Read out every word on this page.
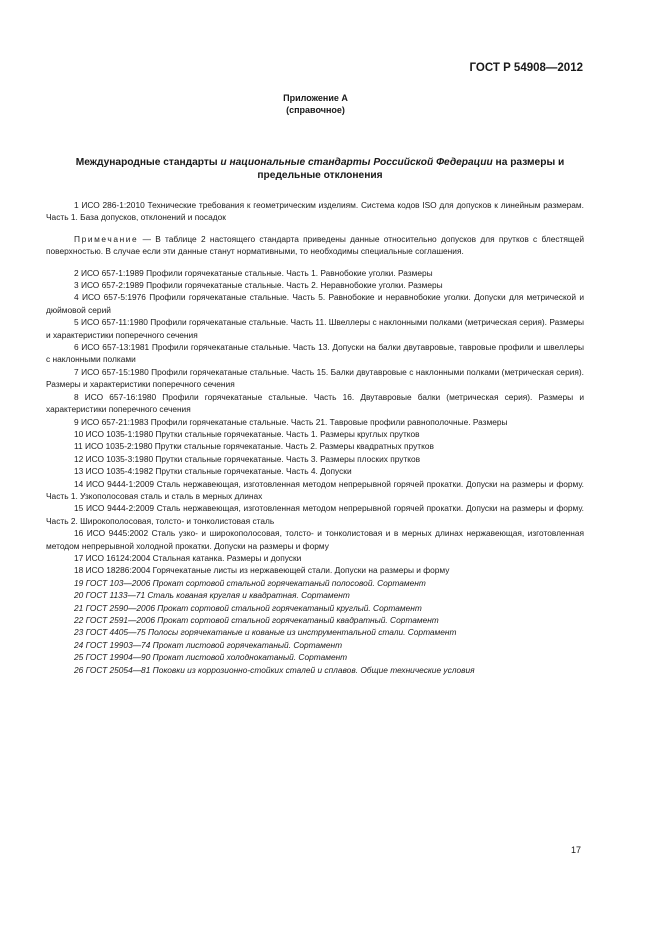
ГОСТ Р 54908—2012
Приложение А
(справочное)
Международные стандарты и национальные стандарты Российской Федерации на размеры и предельные отклонения

1 ИСО 286-1:2010 Технические требования к геометрическим изделиям. Система кодов ISO для допусков к линейным размерам. Часть 1. База допусков, отклонений и посадок

Примечание — В таблице 2 настоящего стандарта приведены данные относительно допусков для прутков с блестящей поверхностью. В случае если эти данные станут нормативными, то необходимы специальные соглашения.

2 ИСО 657-1:1989 Профили горячекатаные стальные. Часть 1. Равнобокие уголки. Размеры

3 ИСО 657-2:1989 Профили горячекатаные стальные. Часть 2. Неравнобокие уголки. Размеры

4 ИСО 657-5:1976 Профили горячекатаные стальные. Часть 5. Равнобокие и неравнобокие уголки. Допуски для метрической и дюймовой серий

5 ИСО 657-11:1980 Профили горячекатаные стальные. Часть 11. Швеллеры с наклонными полками (метрическая серия). Размеры и характеристики поперечного сечения

6 ИСО 657-13:1981 Профили горячекатаные стальные. Часть 13. Допуски на балки двутавровые, тавровые профили и швеллеры с наклонными полками

7 ИСО 657-15:1980 Профили горячекатаные стальные. Часть 15. Балки двутавровые с наклонными полками (метрическая серия). Размеры и характеристики поперечного сечения

8 ИСО 657-16:1980 Профили горячекатаные стальные. Часть 16. Двутавровые балки (метрическая серия). Размеры и характеристики поперечного сечения

9 ИСО 657-21:1983 Профили горячекатаные стальные. Часть 21. Тавровые профили равнополочные. Размеры

10 ИСО 1035-1:1980 Прутки стальные горячекатаные. Часть 1. Размеры круглых прутков

11 ИСО 1035-2:1980 Прутки стальные горячекатаные. Часть 2. Размеры квадратных прутков

12 ИСО 1035-3:1980 Прутки стальные горячекатаные. Часть 3. Размеры плоских прутков

13 ИСО 1035-4:1982 Прутки стальные горячекатаные. Часть 4. Допуски

14 ИСО 9444-1:2009 Сталь нержавеющая, изготовленная методом непрерывной горячей прокатки. Допуски на размеры и форму. Часть 1. Узкополосовая сталь и сталь в мерных длинах

15 ИСО 9444-2:2009 Сталь нержавеющая, изготовленная методом непрерывной горячей прокатки. Допуски на размеры и форму. Часть 2. Широкополосовая, толсто- и тонколистовая сталь

16 ИСО 9445:2002 Сталь узко- и широкополосовая, толсто- и тонколистовая и в мерных длинах нержавеющая, изготовленная методом непрерывной холодной прокатки. Допуски на размеры и форму

17 ИСО 16124:2004 Стальная катанка. Размеры и допуски

18 ИСО 18286:2004 Горячекатаные листы из нержавеющей стали. Допуски на размеры и форму

19 ГОСТ 103—2006 Прокат сортовой стальной горячекатаный полосовой. Сортамент

20 ГОСТ 1133—71 Сталь кованая круглая и квадратная. Сортамент

21 ГОСТ 2590—2006 Прокат сортовой стальной горячекатаный круглый. Сортамент

22 ГОСТ 2591—2006 Прокат сортовой стальной горячекатаный квадратный. Сортамент

23 ГОСТ 4405—75 Полосы горячекатаные и кованые из инструментальной стали. Сортамент

24 ГОСТ 19903—74 Прокат листовой горячекатаный. Сортамент

25 ГОСТ 19904—90 Прокат листовой холоднокатаный. Сортамент

26 ГОСТ 25054—81 Поковки из коррозионно-стойких сталей и сплавов. Общие технические условия

17
